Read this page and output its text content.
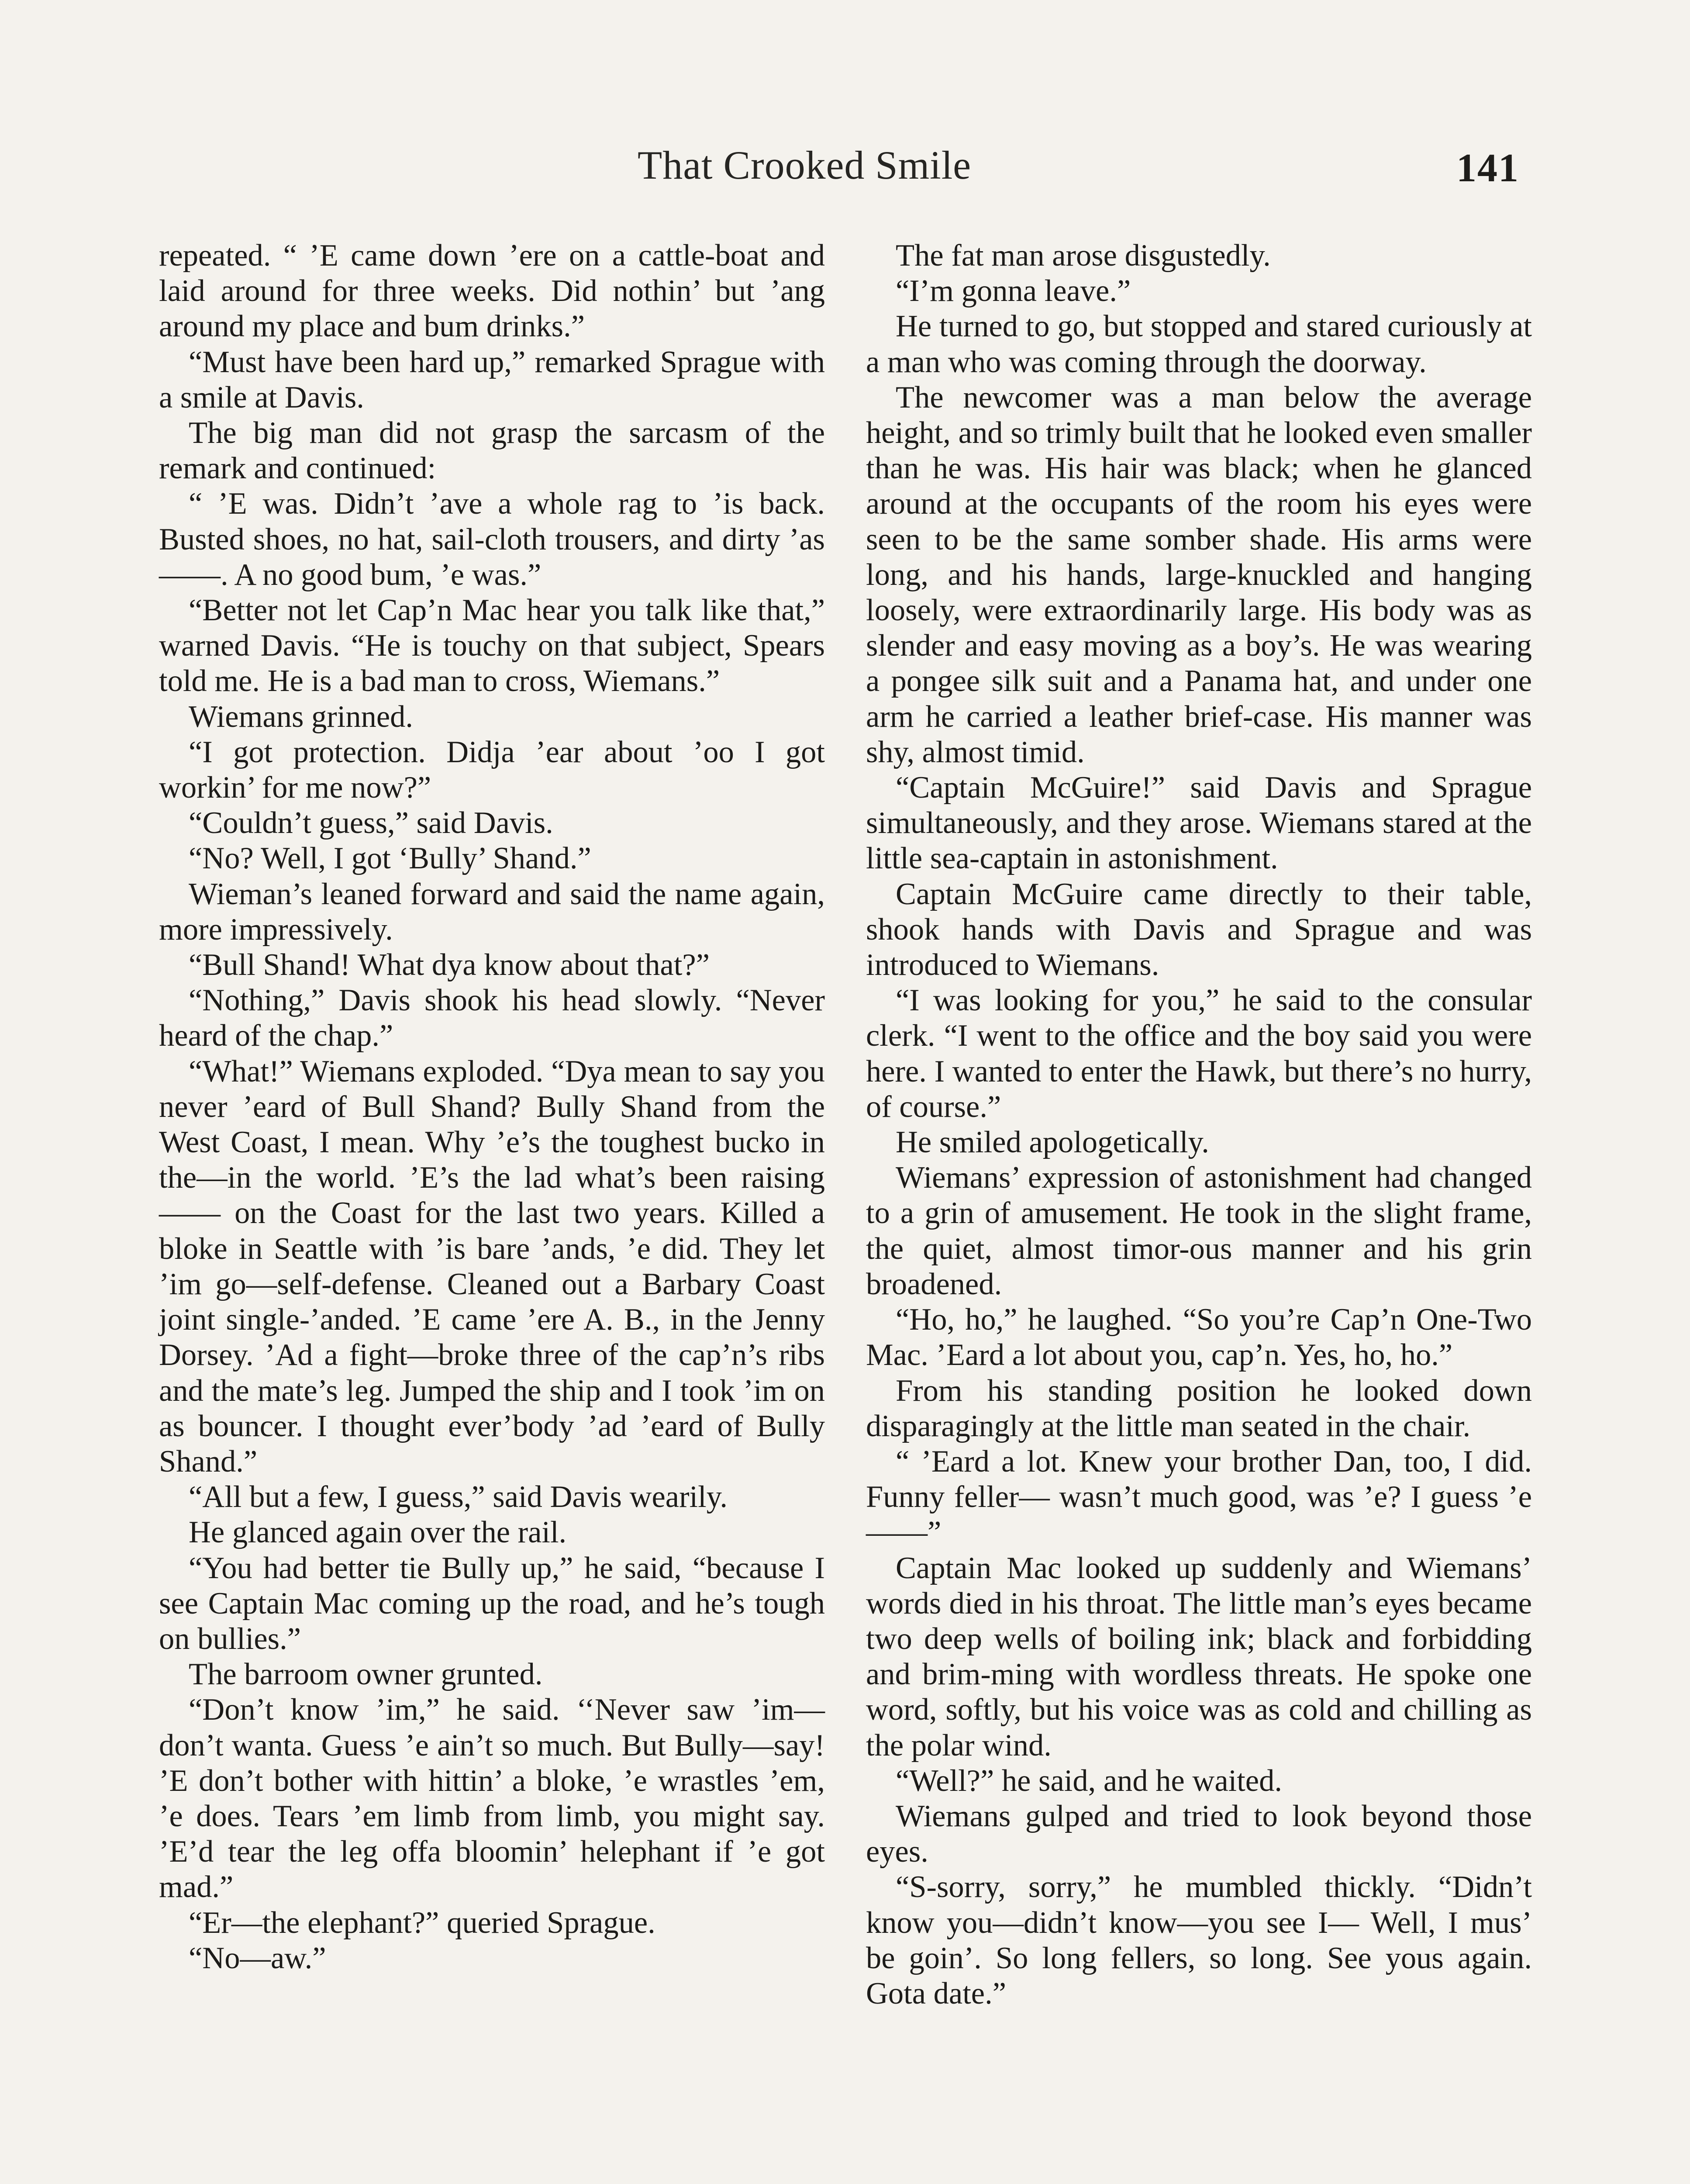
That Crooked Smile	141

repeated. “ ’E came down ’ere on a cattle-boat and laid around for three weeks. Did nothin’ but ’ang around my place and bum drinks.”

“Must have been hard up,” remarked Sprague with a smile at Davis.

The big man did not grasp the sarcasm of the remark and continued:

“ ’E was. Didn’t ’ave a whole rag to ’is back. Busted shoes, no hat, sail-cloth trousers, and dirty ’as ——. A no good bum, ’e was.”

“Better not let Cap’n Mac hear you talk like that,” warned Davis. “He is touchy on that subject, Spears told me. He is a bad man to cross, Wiemans.”

Wiemans grinned.

“I got protection. Didja ’ear about ’oo I got workin’ for me now?”

“Couldn’t guess,” said Davis.

“No? Well, I got ‘Bully’ Shand.”

Wieman’s leaned forward and said the name again, more impressively.

“Bull Shand! What dya know about that?”

“Nothing,” Davis shook his head slowly. “Never heard of the chap.”

“What!” Wiemans exploded. “Dya mean to say you never ’eard of Bull Shand? Bully Shand from the West Coast, I mean. Why ’e’s the toughest bucko in the—in the world. ’E’s the lad what’s been raising —— on the Coast for the last two years. Killed a bloke in Seattle with ’is bare ’ands, ’e did. They let ’im go—self-defense. Cleaned out a Barbary Coast joint single-’anded. ’E came ’ere A. B., in the Jenny Dorsey. ’Ad a fight—broke three of the cap’n’s ribs and the mate’s leg. Jumped the ship and I took ’im on as bouncer. I thought ever’body ’ad ’eard of Bully Shand.”

“All but a few, I guess,” said Davis wearily.

He glanced again over the rail.

“You had better tie Bully up,” he said, “because I see Captain Mac coming up the road, and he’s tough on bullies.”

The barroom owner grunted.

“Don’t know ’im,” he said. ‘‘Never saw ’im—don’t wanta. Guess ’e ain’t so much. But Bully—say! ’E don’t bother with hittin’ a bloke, ’e wrastles ’em, ’e does. Tears ’em limb from limb, you might say. ’E’d tear the leg offa bloomin’ helephant if ’e got mad.”

“Er—the elephant?” queried Sprague.

“No—aw.”

The fat man arose disgustedly.

“I’m gonna leave.”

He turned to go, but stopped and stared curiously at a man who was coming through the doorway.

The newcomer was a man below the average height, and so trimly built that he looked even smaller than he was. His hair was black; when he glanced around at the occupants of the room his eyes were seen to be the same somber shade. His arms were long, and his hands, large-knuckled and hanging loosely, were extraordinarily large. His body was as slender and easy moving as a boy’s. He was wearing a pongee silk suit and a Panama hat, and under one arm he carried a leather brief-case. His manner was shy, almost timid.

“Captain McGuire!” said Davis and Sprague simultaneously, and they arose. Wiemans stared at the little sea-captain in astonishment.

Captain McGuire came directly to their table, shook hands with Davis and Sprague and was introduced to Wiemans.

“I was looking for you,” he said to the consular clerk. “I went to the office and the boy said you were here. I wanted to enter the Hawk, but there’s no hurry, of course.”

He smiled apologetically.

Wiemans’ expression of astonishment had changed to a grin of amusement. He took in the slight frame, the quiet, almost timor-ous manner and his grin broadened.

“Ho, ho,” he laughed. “So you’re Cap’n One-Two Mac. ’Eard a lot about you, cap’n. Yes, ho, ho.”

From his standing position he looked down disparagingly at the little man seated in the chair.

“ ’Eard a lot. Knew your brother Dan, too, I did. Funny feller— wasn’t much good, was ’e? I guess ’e——”

Captain Mac looked up suddenly and Wiemans’ words died in his throat. The little man’s eyes became two deep wells of boiling ink; black and forbidding and brim-ming with wordless threats. He spoke one word, softly, but his voice was as cold and chilling as the polar wind.

“Well?” he said, and he waited.

Wiemans gulped and tried to look beyond those eyes.

“S-sorry, sorry,” he mumbled thickly. “Didn’t know you—didn’t know—you see I— Well, I mus’ be goin’. So long fellers, so long. See yous again. Gota date.”
